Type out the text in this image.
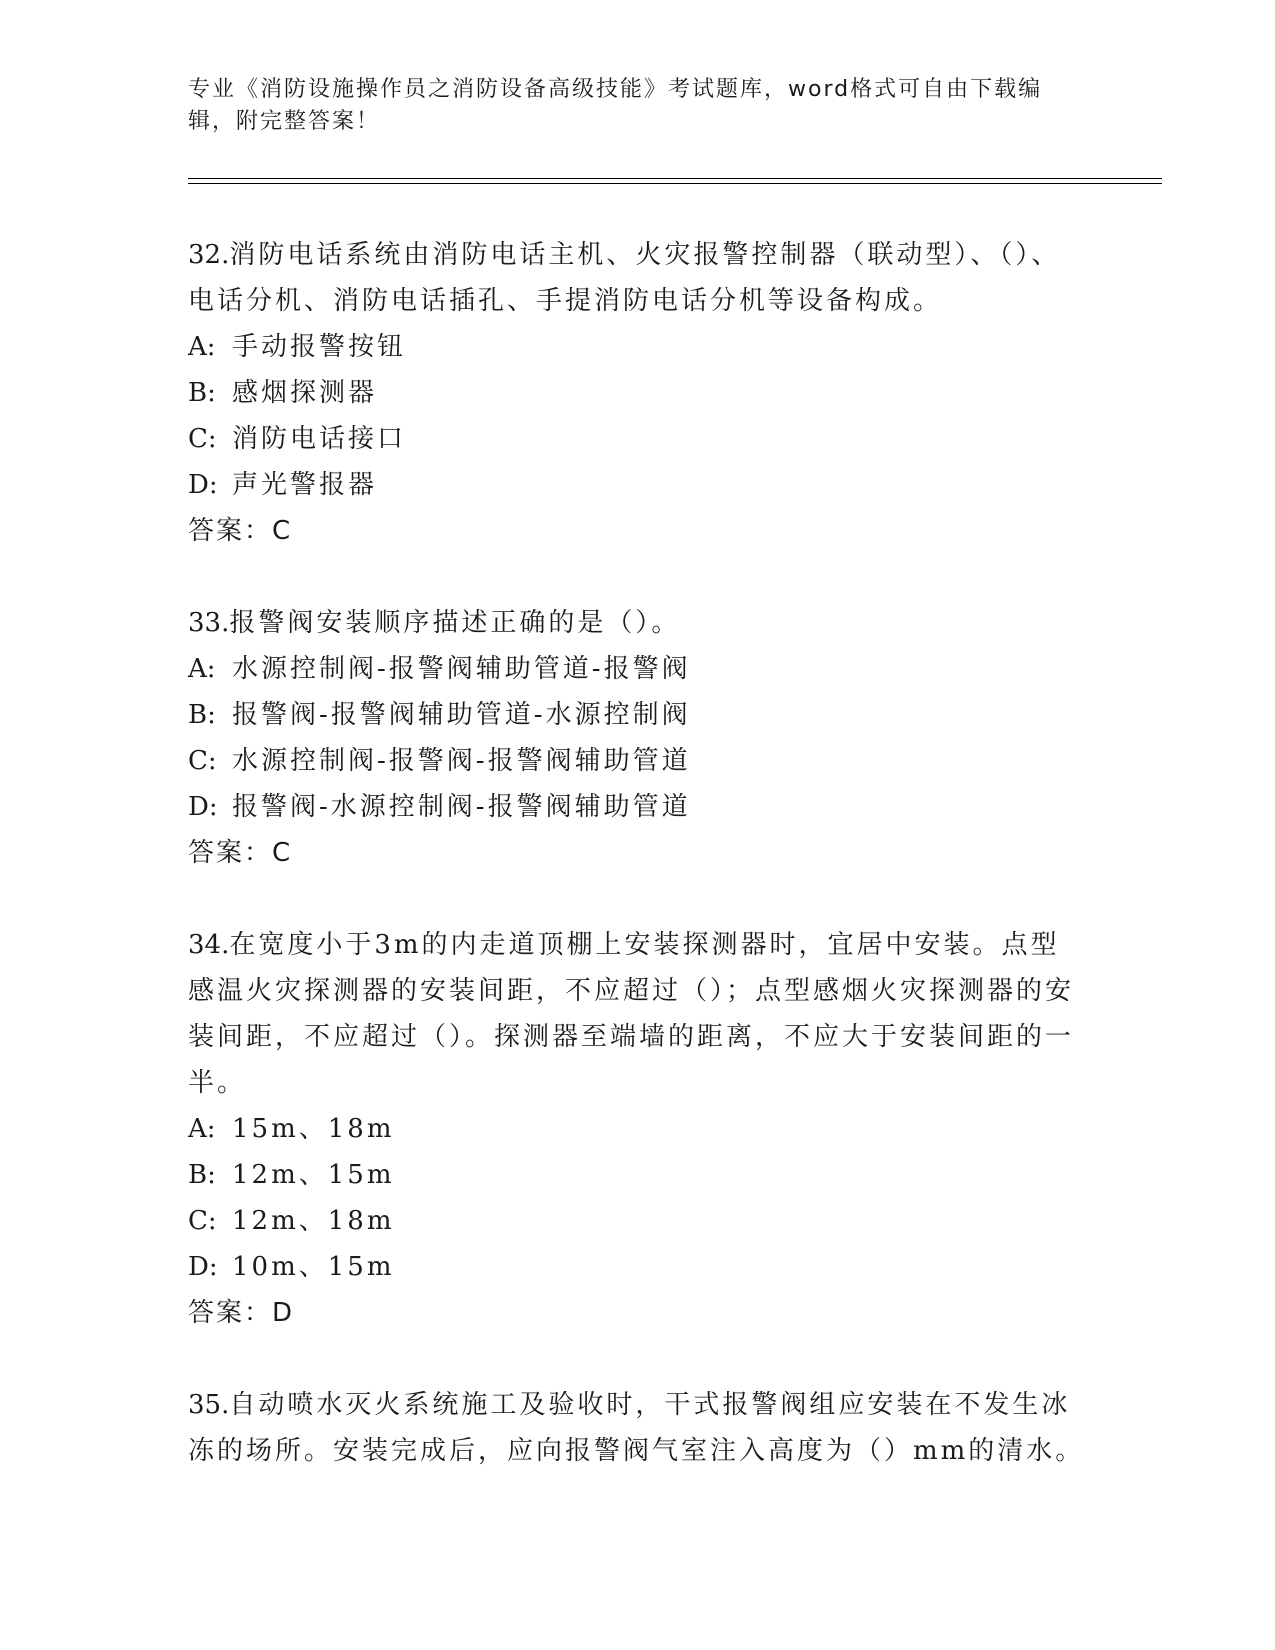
专业《消防设施操作员之消防设备高级技能》考试题库，word格式可自由下载编辑，附完整答案！

32.消防电话系统由消防电话主机、火灾报警控制器（联动型）、（）、电话分机、消防电话插孔、手提消防电话分机等设备构成。

A: 手动报警按钮

B: 感烟探测器

C: 消防电话接口

D: 声光警报器

答案：C

33.报警阀安装顺序描述正确的是（）。

A: 水源控制阀-报警阀辅助管道-报警阀

B: 报警阀-报警阀辅助管道-水源控制阀

C: 水源控制阀-报警阀-报警阀辅助管道

D: 报警阀-水源控制阀-报警阀辅助管道

答案：C

34.在宽度小于3m的内走道顶棚上安装探测器时，宜居中安装。点型感温火灾探测器的安装间距，不应超过（）；点型感烟火灾探测器的安装间距，不应超过（）。探测器至端墙的距离，不应大于安装间距的一半。

A: 15m、18m

B: 12m、15m

C: 12m、18m

D: 10m、15m

答案：D

35.自动喷水灭火系统施工及验收时，干式报警阀组应安装在不发生冰冻的场所。安装完成后，应向报警阀气室注入高度为（）mm的清水。
